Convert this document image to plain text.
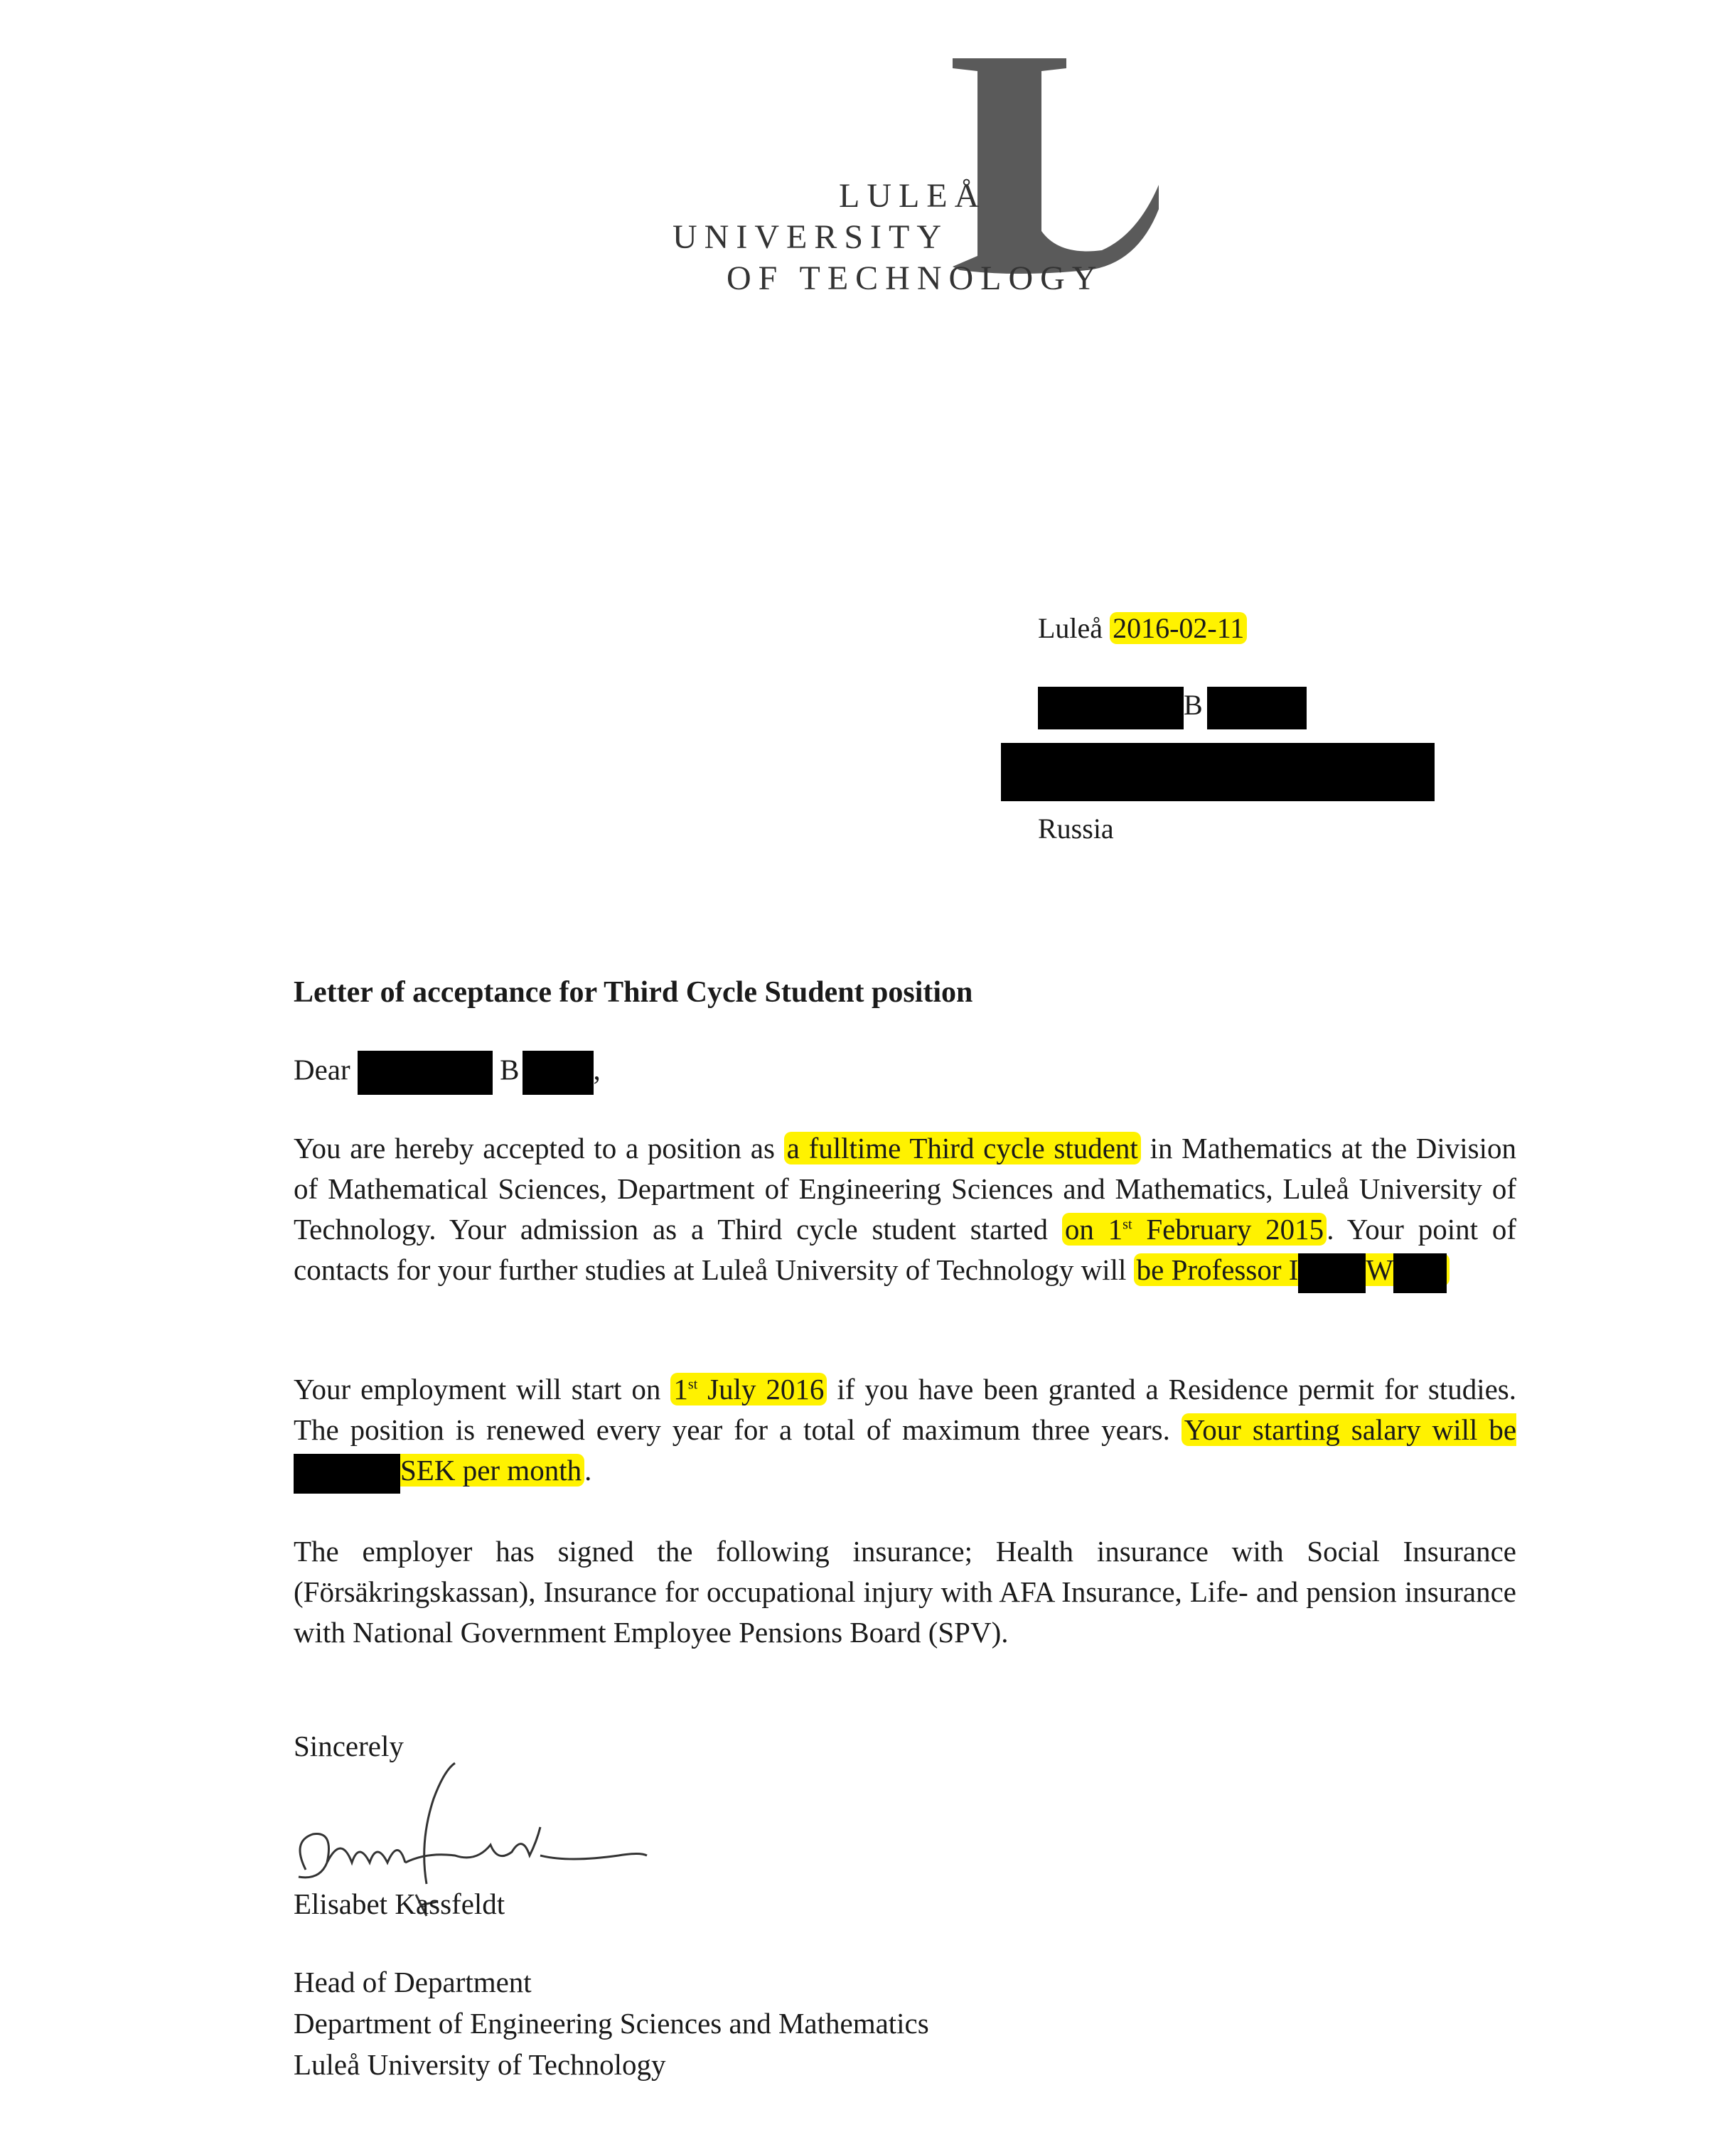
LULEÅ
UNIVERSITY
OF TECHNOLOGY
Luleå 2016-02-11
B
Russia
Letter of acceptance for Third Cycle Student position
Dear	B	,
You are hereby accepted to a position as a fulltime Third cycle student in Mathematics at the Division of Mathematical Sciences, Department of Engineering Sciences and Mathematics, Luleå University of Technology. Your admission as a Third cycle student started on 1st February 2015. Your point of contacts for your further studies at Luleå University of Technology will be Professor I W
Your employment will start on 1st July 2016 if you have been granted a Residence permit for studies. The position is renewed every year for a total of maximum three years. Your starting salary will beSEK per month.
The employer has signed the following insurance; Health insurance with Social Insurance (Försäkringskassan), Insurance for occupational injury with AFA Insurance, Life- and pension insurance with National Government Employee Pensions Board (SPV).
Sincerely
Elisabet Kassfeldt
Head of Department
Department of Engineering Sciences and Mathematics
Luleå University of Technology
